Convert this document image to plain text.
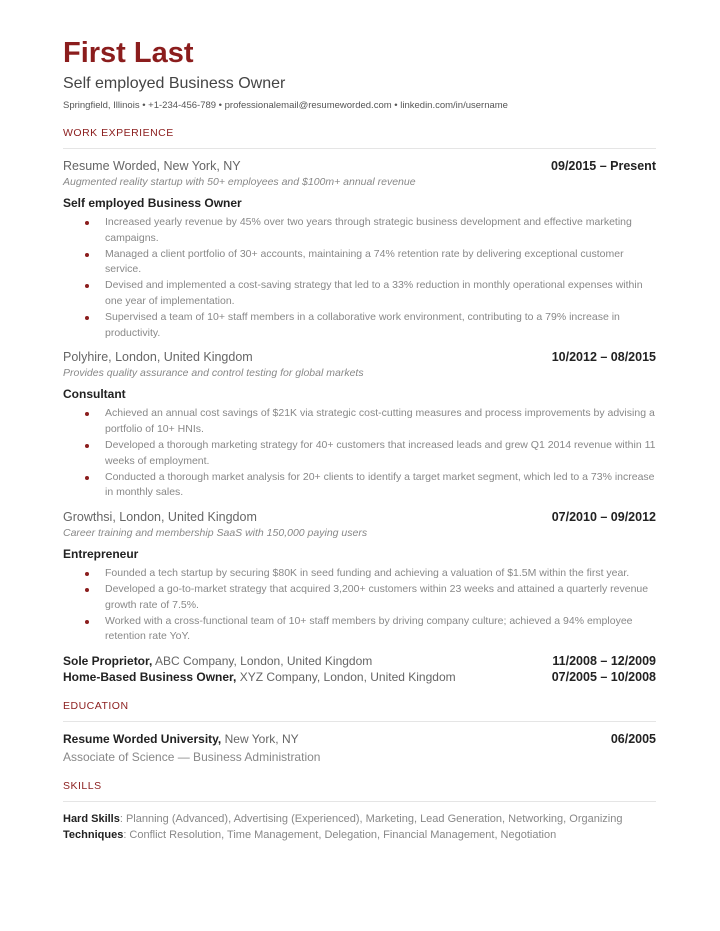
First Last
Self employed Business Owner
Springfield, Illinois • +1-234-456-789 • professionalemail@resumeworded.com • linkedin.com/in/username
WORK EXPERIENCE
Resume Worded, New York, NY	09/2015 – Present
Augmented reality startup with 50+ employees and $100m+ annual revenue
Self employed Business Owner
Increased yearly revenue by 45% over two years through strategic business development and effective marketing campaigns.
Managed a client portfolio of 30+ accounts, maintaining a 74% retention rate by delivering exceptional customer service.
Devised and implemented a cost-saving strategy that led to a 33% reduction in monthly operational expenses within one year of implementation.
Supervised a team of 10+ staff members in a collaborative work environment, contributing to a 79% increase in productivity.
Polyhire, London, United Kingdom	10/2012 – 08/2015
Provides quality assurance and control testing for global markets
Consultant
Achieved an annual cost savings of $21K via strategic cost-cutting measures and process improvements by advising a portfolio of 10+ HNIs.
Developed a thorough marketing strategy for 40+ customers that increased leads and grew Q1 2014 revenue within 11 weeks of employment.
Conducted a thorough market analysis for 20+ clients to identify a target market segment, which led to a 73% increase in monthly sales.
Growthsi, London, United Kingdom	07/2010 – 09/2012
Career training and membership SaaS with 150,000 paying users
Entrepreneur
Founded a tech startup by securing $80K in seed funding and achieving a valuation of $1.5M within the first year.
Developed a go-to-market strategy that acquired 3,200+ customers within 23 weeks and attained a quarterly revenue growth rate of 7.5%.
Worked with a cross-functional team of 10+ staff members by driving company culture; achieved a 94% employee retention rate YoY.
Sole Proprietor, ABC Company, London, United Kingdom	11/2008 – 12/2009
Home-Based Business Owner, XYZ Company, London, United Kingdom	07/2005 – 10/2008
EDUCATION
Resume Worded University, New York, NY	06/2005
Associate of Science — Business Administration
SKILLS
Hard Skills: Planning (Advanced), Advertising (Experienced), Marketing, Lead Generation, Networking, Organizing
Techniques: Conflict Resolution, Time Management, Delegation, Financial Management, Negotiation
